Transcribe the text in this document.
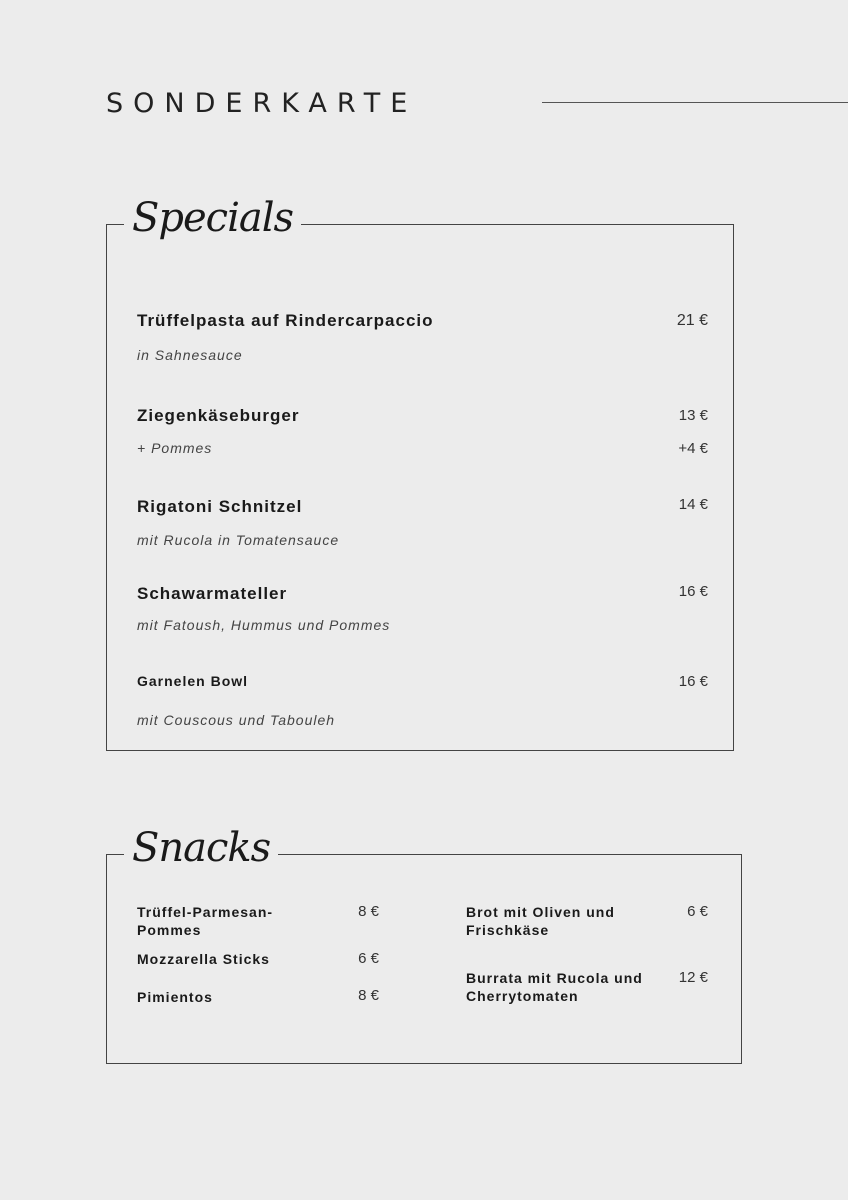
SONDERKARTE
Specials
Trüffelpasta auf Rindercarpaccio	21 €
in Sahnesauce
Ziegenkäseburger	13 €
+ Pommes	+4 €
Rigatoni Schnitzel	14 €
mit Rucola in Tomatensauce
Schawarmateller	16 €
mit Fatoush, Hummus und Pommes
Garnelen Bowl	16 €
mit Couscous und Tabouleh
Snacks
Trüffel-Parmesan-
Pommes
8 €
Mozzarella Sticks	6 €
Pimientos	8 €
Brot mit Oliven und
Frischkäse
6 €
Burrata mit Rucola und
Cherrytomaten
12 €
